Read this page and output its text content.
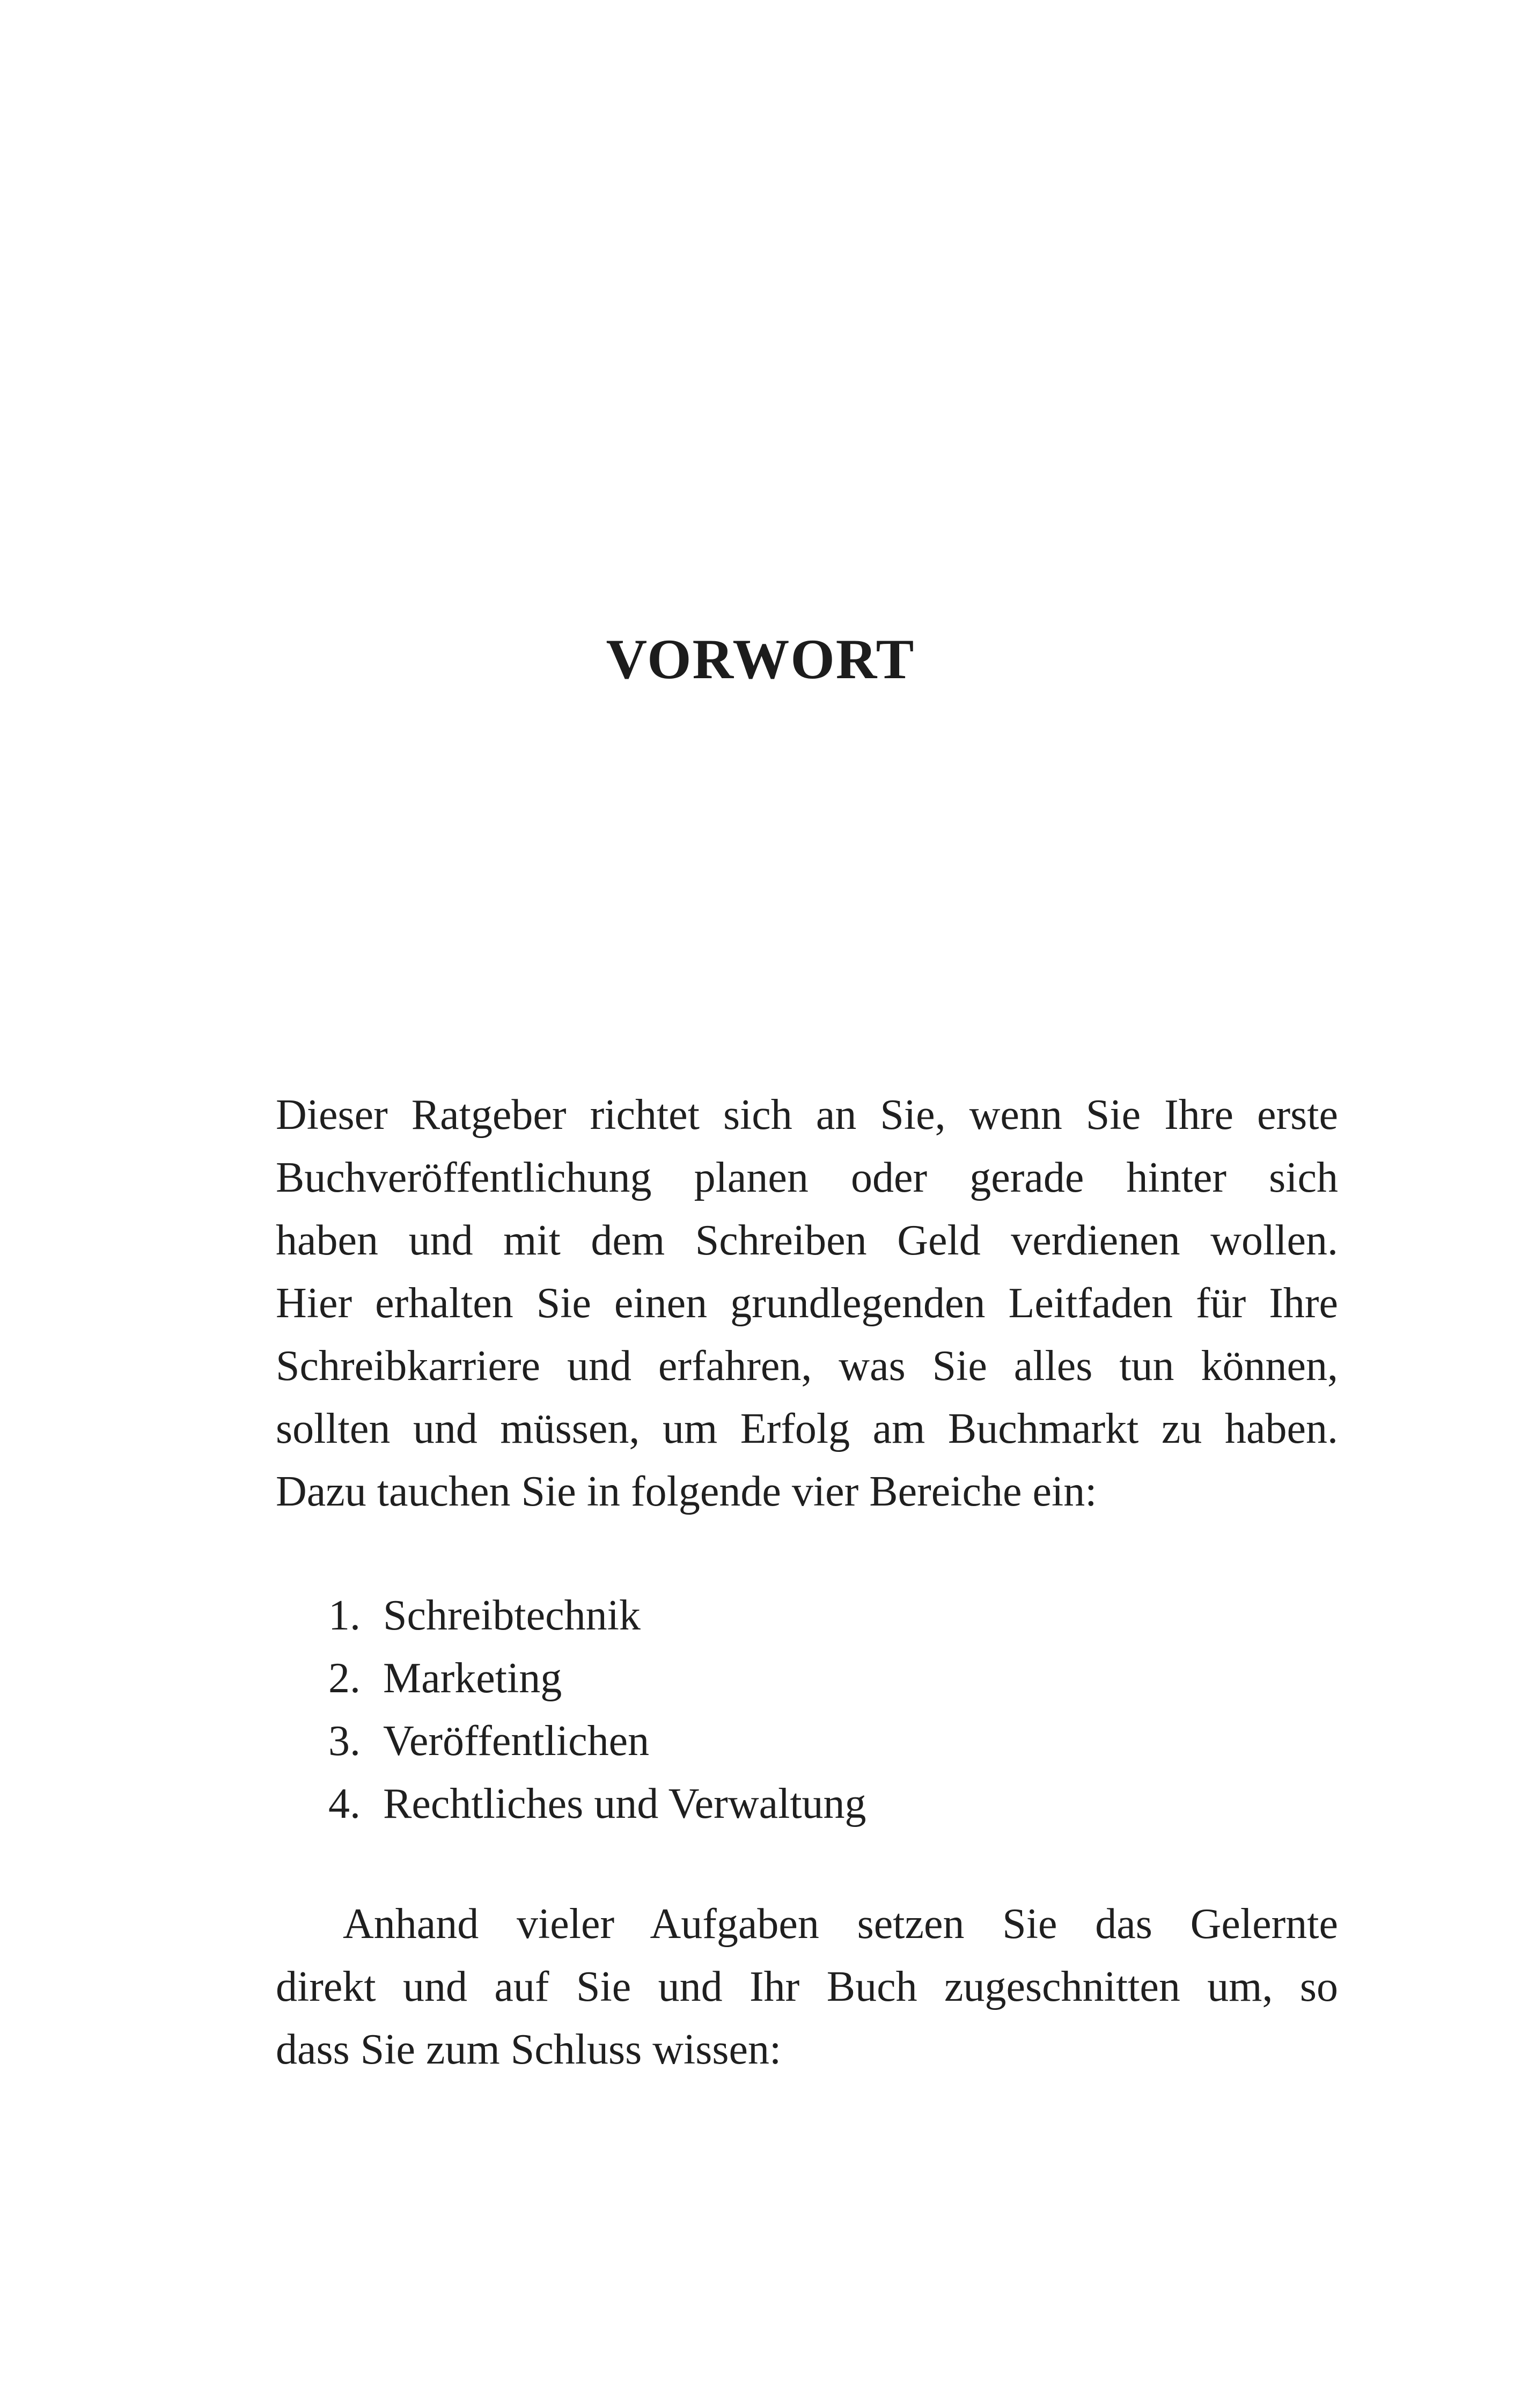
VORWORT
Dieser Ratgeber richtet sich an Sie, wenn Sie Ihre erste
Buchveröffentlichung planen oder gerade hinter sich
haben und mit dem Schreiben Geld verdienen wollen.
Hier erhalten Sie einen grundlegenden Leitfaden für Ihre
Schreibkarriere und erfahren, was Sie alles tun können,
sollten und müssen, um Erfolg am Buchmarkt zu haben.
Dazu tauchen Sie in folgende vier Bereiche ein:
1. Schreibtechnik
2. Marketing
3. Veröffentlichen
4. Rechtliches und Verwaltung
Anhand vieler Aufgaben setzen Sie das Gelernte
direkt und auf Sie und Ihr Buch zugeschnitten um, so
dass Sie zum Schluss wissen:
